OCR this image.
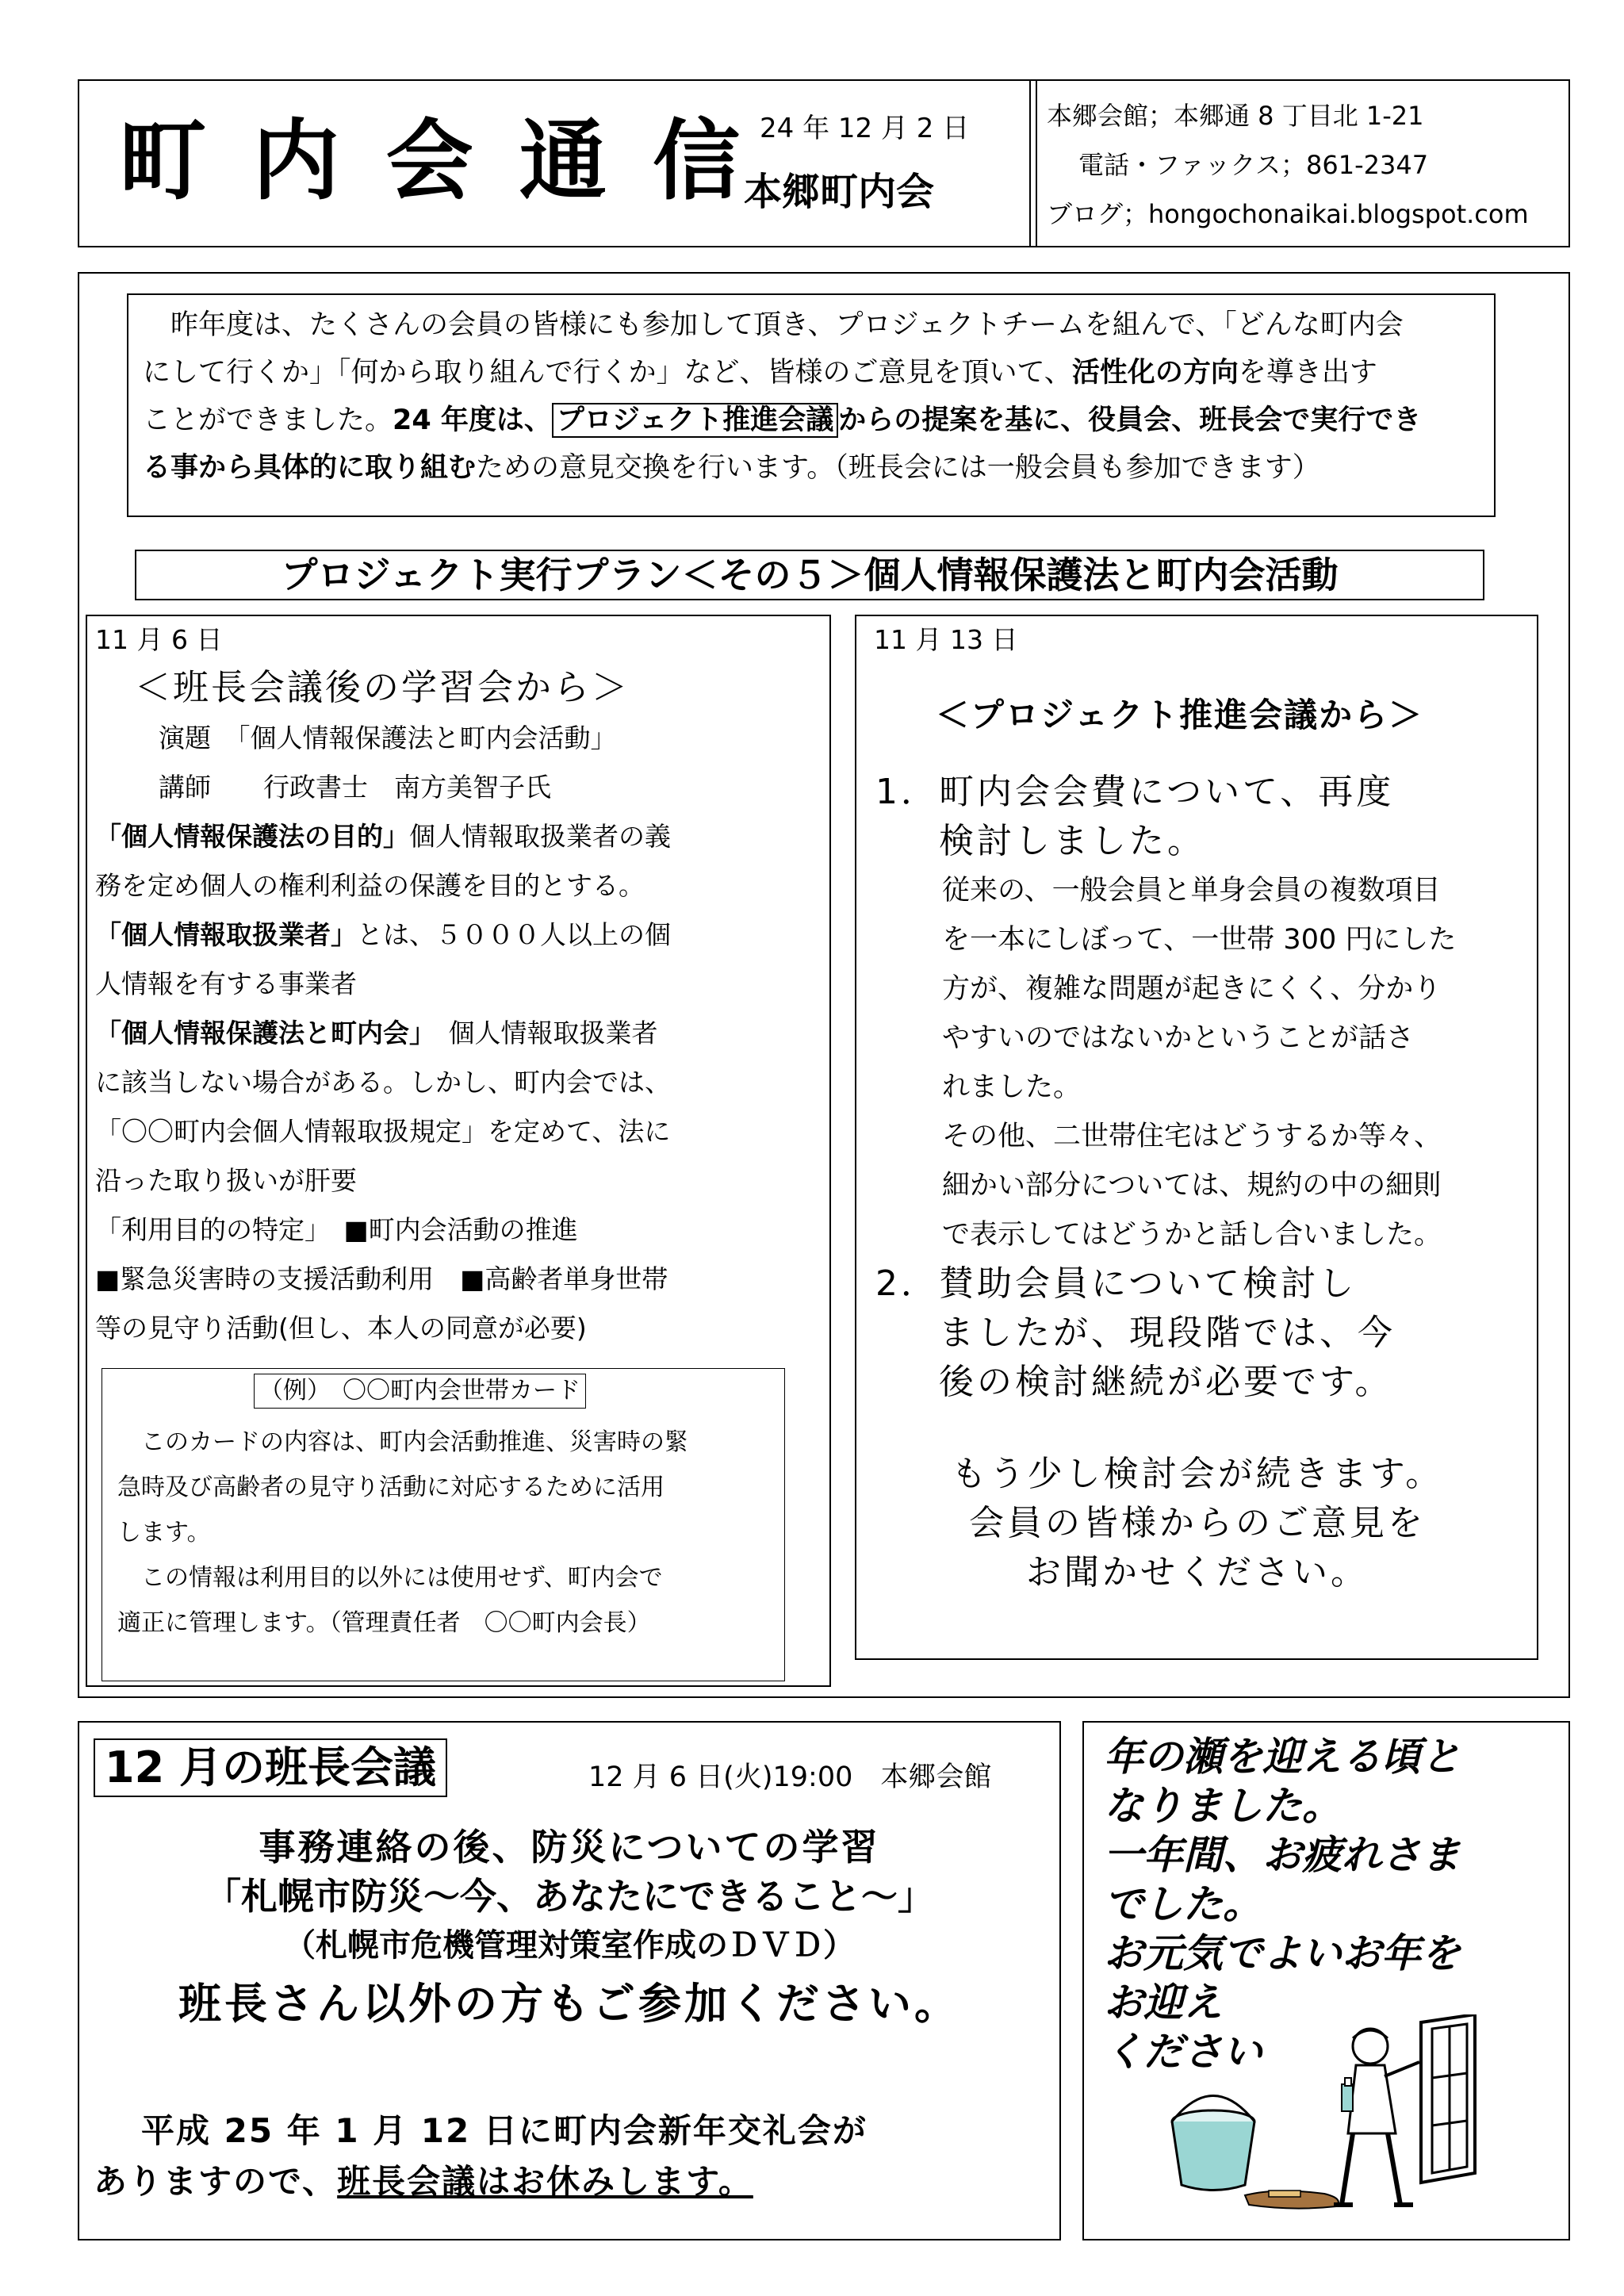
町 内 会 通 信 24 年 12 月 2 日
本郷町内会
本郷会館；本郷通 8 丁目北 1-21
電話・ファックス；861-2347
ブログ；hongochonaikai.blogspot.com
　昨年度は、たくさんの会員の皆様にも参加して頂き、プロジェクトチームを組んで、「どんな町内会
にして行くか」「何から取り組んで行くか」など、皆様のご意見を頂いて、活性化の方向を導き出す
ことができました。24 年度は、 プロジェクト推進会議 からの提案を基に、役員会、班長会で実行でき
る事から具体的に取り組むための意見交換を行います。（班長会には一般会員も参加できます）
プロジェクト実行プラン＜その５＞個人情報保護法と町内会活動
11 月 6 日
＜班長会議後の学習会から＞
演題　「個人情報保護法と町内会活動」
講師　　行政書士　南方美智子氏
「個人情報保護法の目的」個人情報取扱業者の義
務を定め個人の権利利益の保護を目的とする。
「個人情報取扱業者」とは、５０００人以上の個
人情報を有する事業者
「個人情報保護法と町内会」　個人情報取扱業者
に該当しない場合がある。しかし、町内会では、
「〇〇町内会個人情報取扱規定」を定めて、法に
沿った取り扱いが肝要
「利用目的の特定」　■町内会活動の推進
■緊急災害時の支援活動利用　■高齢者単身世帯
等の見守り活動(但し、本人の同意が必要)
（例）　〇〇町内会世帯カード
　このカードの内容は、町内会活動推進、災害時の緊
急時及び高齢者の見守り活動に対応するために活用
します。
　この情報は利用目的以外には使用せず、町内会で
適正に管理します。（管理責任者　〇〇町内会長）
11 月 13 日
＜プロジェクト推進会議から＞
1．町内会会費について、再度
検討しました。
従来の、一般会員と単身会員の複数項目
を一本にしぼって、一世帯 300 円にした
方が、複雑な問題が起きにくく、分かり
やすいのではないかということが話さ
れました。
その他、二世帯住宅はどうするか等々、
細かい部分については、規約の中の細則
で表示してはどうかと話し合いました。
2．賛助会員について検討し
ましたが、現段階では、今
後の検討継続が必要です。
もう少し検討会が続きます。
会員の皆様からのご意見を
お聞かせください。
12 月の班長会議	12 月 6 日(火)19:00　本郷会館
事務連絡の後、防災についての学習
「札幌市防災～今、あなたにできること～」
（札幌市危機管理対策室作成のＤＶＤ）
班長さん以外の方もご参加ください。
平成 25 年 1 月 12 日に町内会新年交礼会が
ありますので、班長会議はお休みします。
年の瀬を迎える頃と
なりました。
一年間、お疲れさま
でした。
お元気でよいお年を
お迎え
ください
